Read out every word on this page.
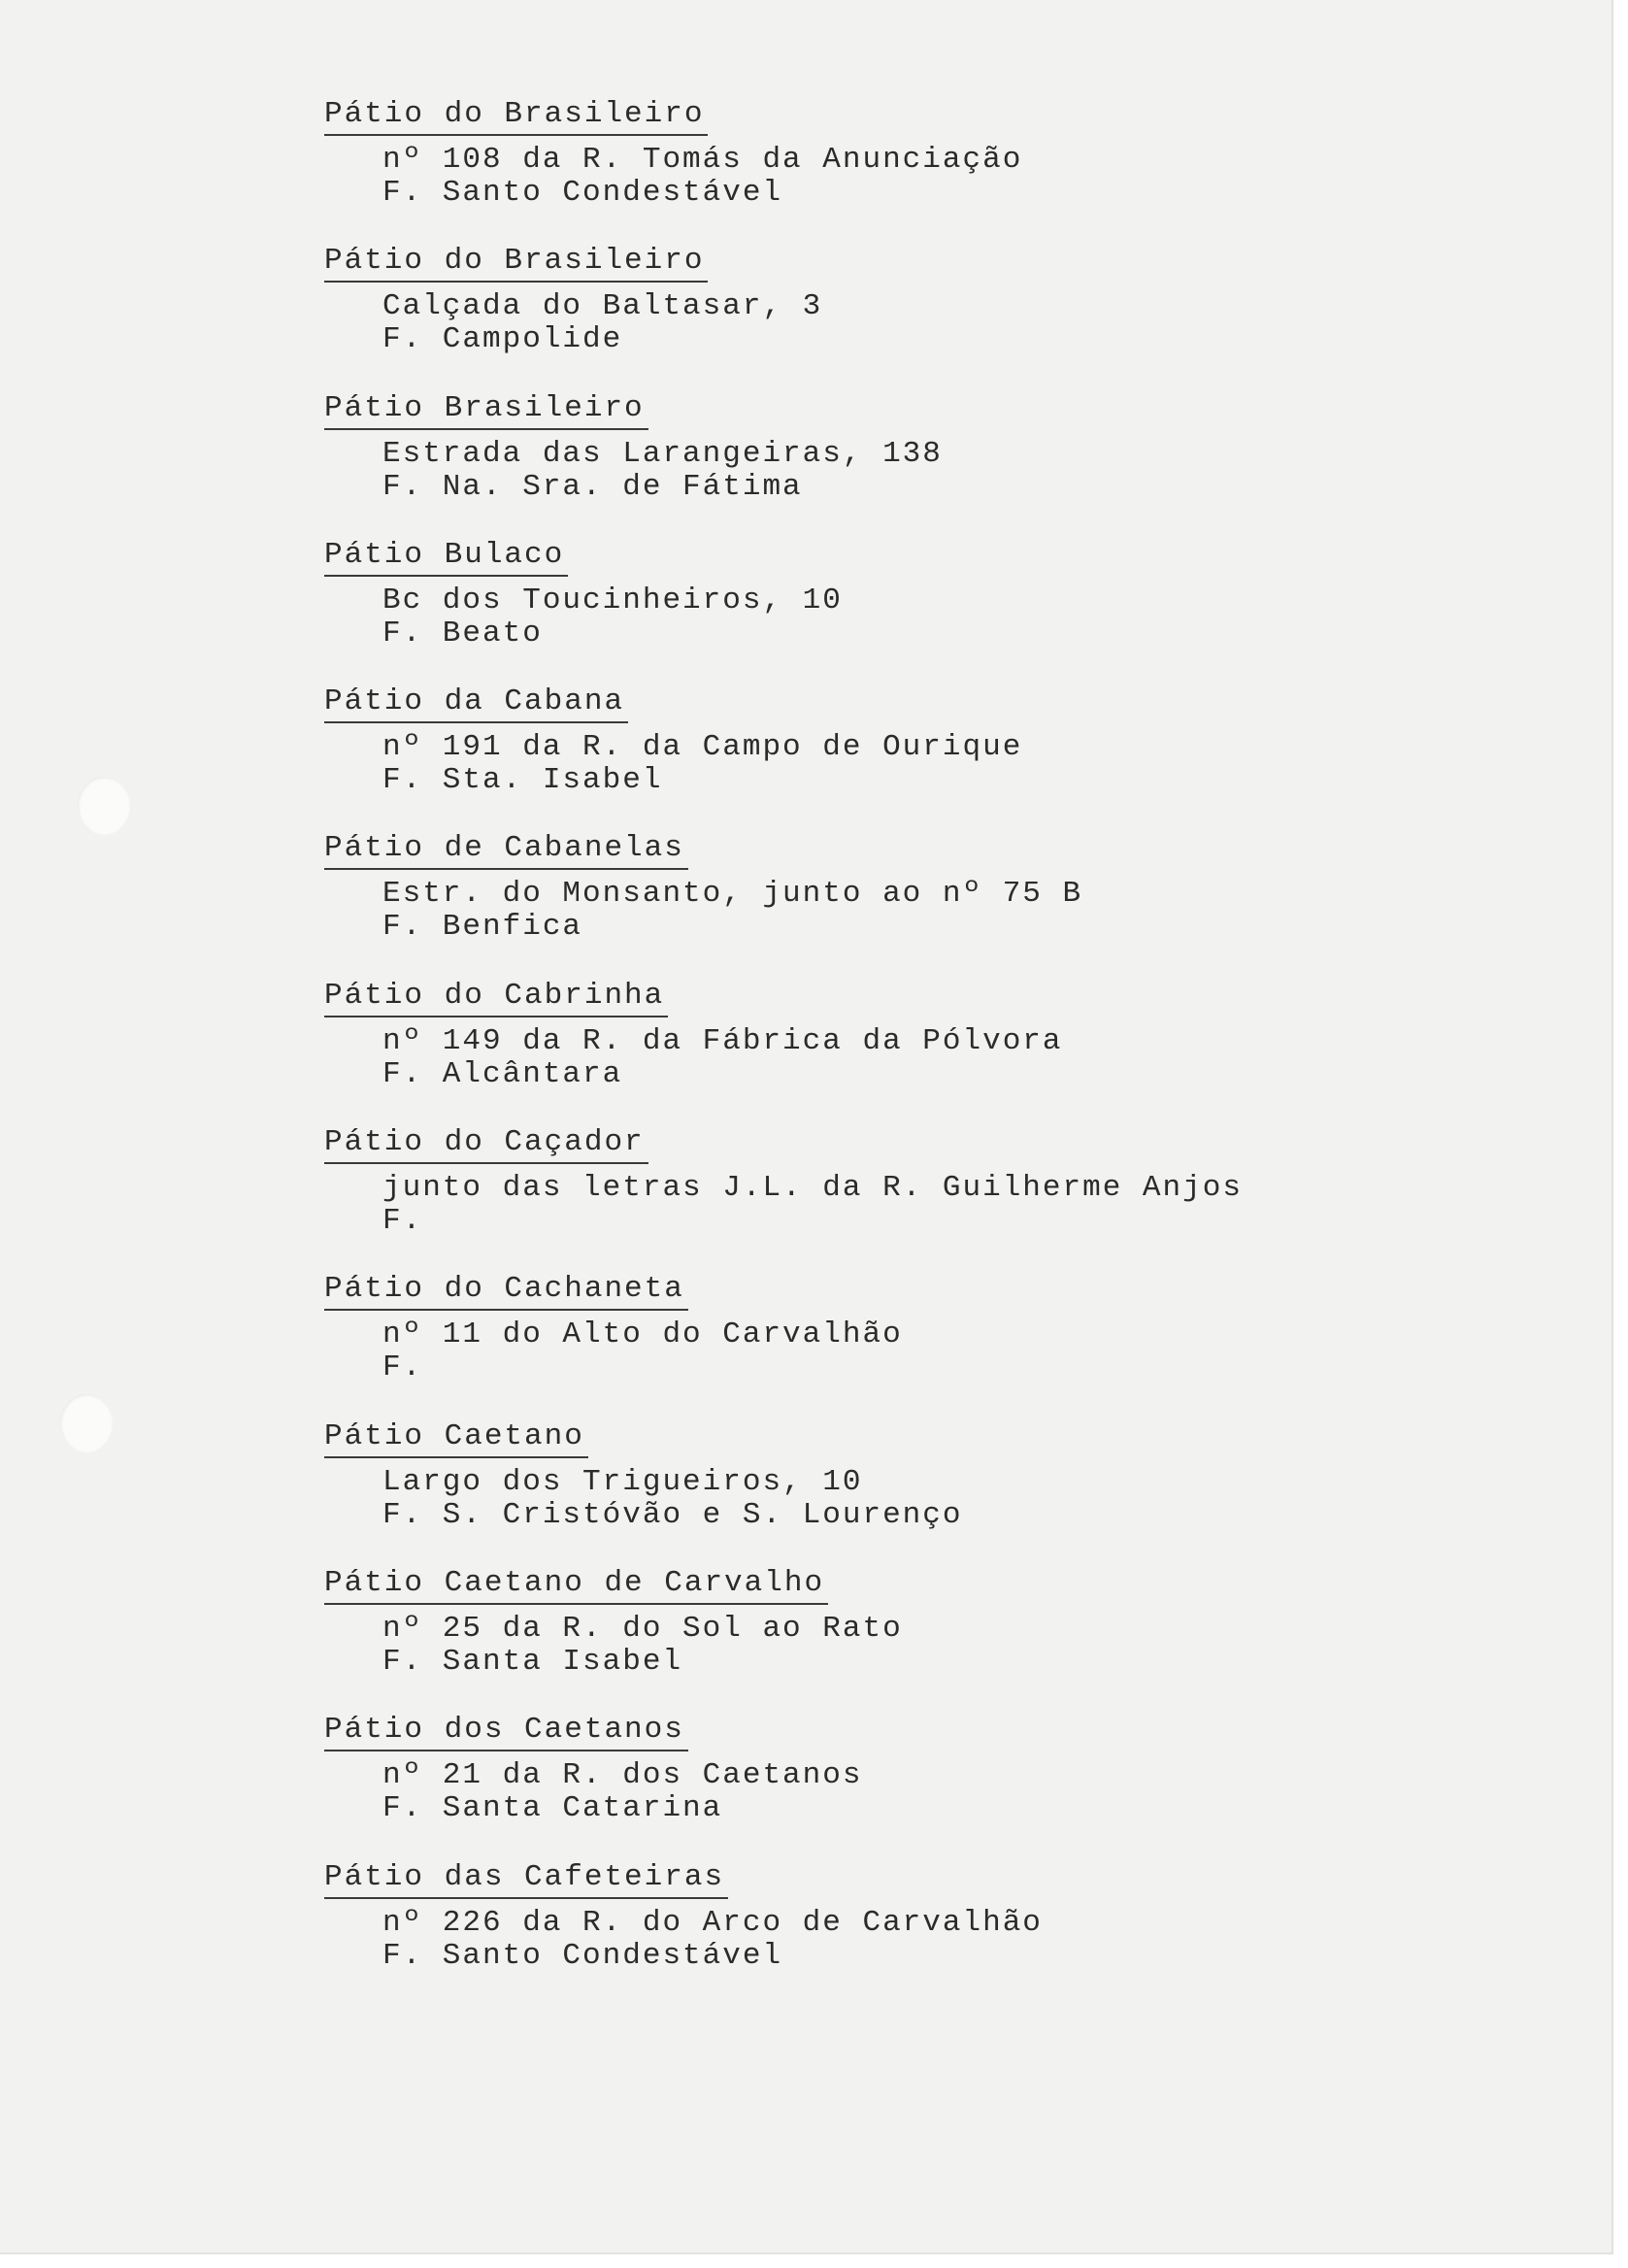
Pátio do Brasileiro
nº 108 da R. Tomás da Anunciação
F. Santo Condestável
Pátio do Brasileiro
Calçada do Baltasar, 3
F. Campolide
Pátio Brasileiro
Estrada das Larangeiras, 138
F. Na. Sra. de Fátima
Pátio Bulaco
Bc dos Toucinheiros, 10
F. Beato
Pátio da Cabana
nº 191 da R. da Campo de Ourique
F. Sta. Isabel
Pátio de Cabanelas
Estr. do Monsanto, junto ao nº 75 B
F. Benfica
Pátio do Cabrinha
nº 149 da R. da Fábrica da Pólvora
F. Alcântara
Pátio do Caçador
junto das letras J.L. da R. Guilherme Anjos
F.
Pátio do Cachaneta
nº 11 do Alto do Carvalhão
F.
Pátio Caetano
Largo dos Trigueiros, 10
F. S. Cristóvão e S. Lourenço
Pátio Caetano de Carvalho
nº 25 da R. do Sol ao Rato
F. Santa Isabel
Pátio dos Caetanos
nº 21 da R. dos Caetanos
F. Santa Catarina
Pátio das Cafeteiras
nº 226 da R. do Arco de Carvalhão
F. Santo Condestável
